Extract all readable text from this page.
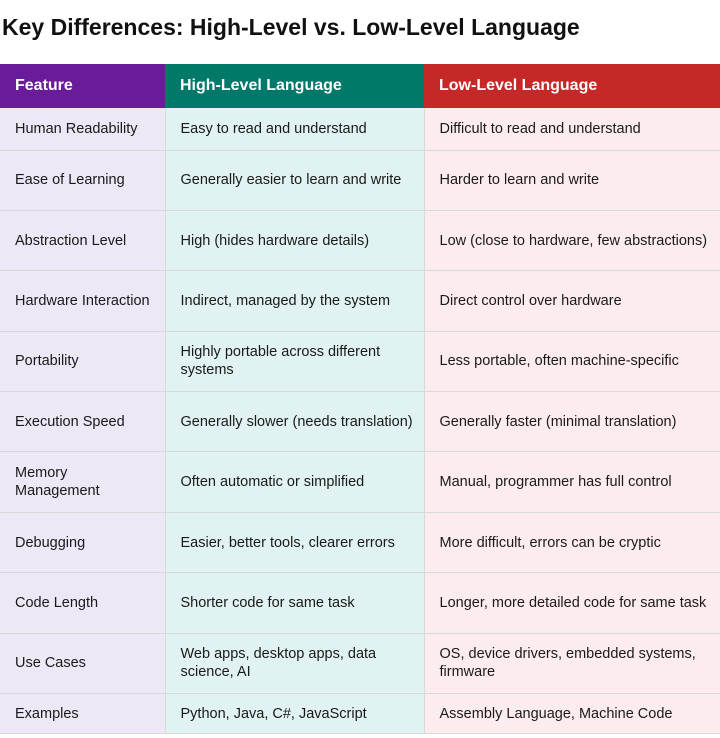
Key Differences: High-Level vs. Low-Level Language
Feature	High-Level Language	Low-Level Language
Human Readability	Easy to read and understand	Difficult to read and understand
Ease of Learning	Generally easier to learn and write	Harder to learn and write
Abstraction Level	High (hides hardware details)	Low (close to hardware, few abstractions)
Hardware Interaction	Indirect, managed by the system	Direct control over hardware
Portability	Highly portable across different systems	Less portable, often machine-specific
Execution Speed	Generally slower (needs translation)	Generally faster (minimal translation)
Memory Management	Often automatic or simplified	Manual, programmer has full control
Debugging	Easier, better tools, clearer errors	More difficult, errors can be cryptic
Code Length	Shorter code for same task	Longer, more detailed code for same task
Use Cases	Web apps, desktop apps, data science, AI	OS, device drivers, embedded systems, firmware
Examples	Python, Java, C#, JavaScript	Assembly Language, Machine Code
